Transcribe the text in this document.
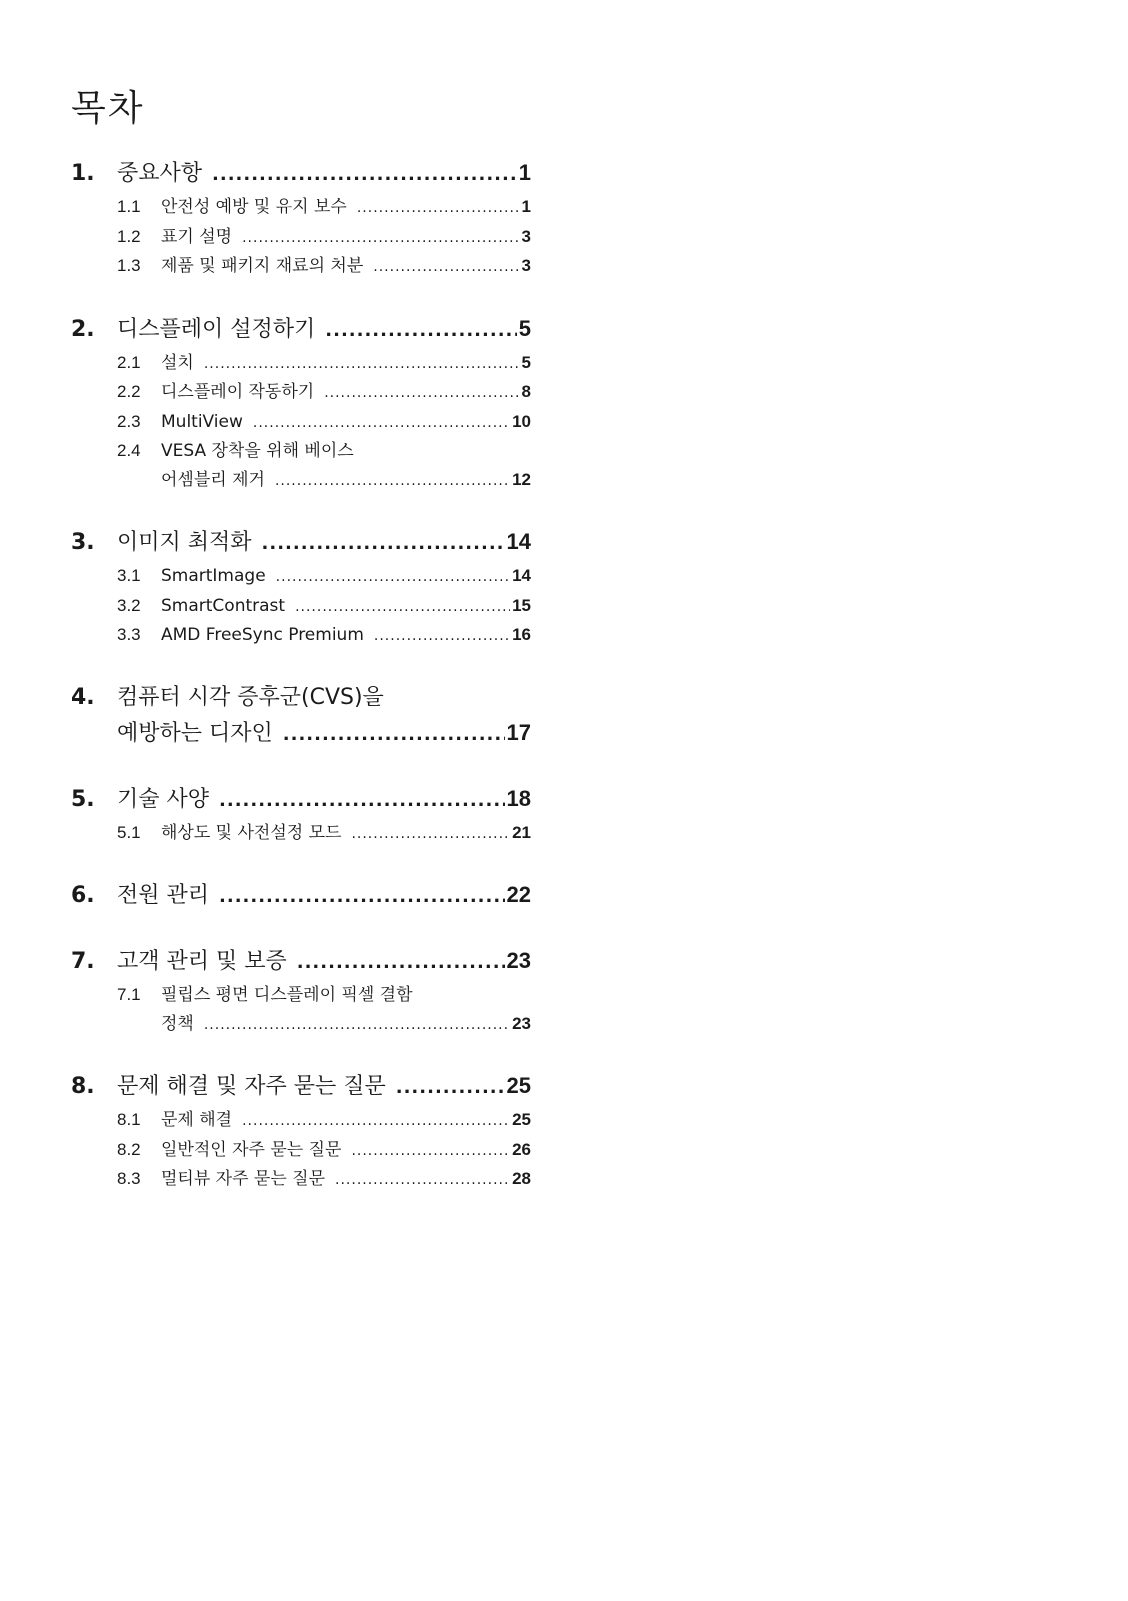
목차
1.	중요사항 .....	1
1.1	안전성 예방 및 유지 보수 .....	1
1.2	표기 설명 .....	3
1.3	제품 및 패키지 재료의 처분 .....	3
2.	디스플레이 설정하기 .....	5
2.1	설치 .....	5
2.2	디스플레이 작동하기 .....	8
2.3	MultiView .....	10
2.4	VESA 장착을 위해 베이스
어셈블리 제거 .....	12
3.	이미지 최적화 .....	14
3.1	SmartImage .....	14
3.2	SmartContrast .....	15
3.3	AMD FreeSync Premium .....	16
4.	컴퓨터 시각 증후군(CVS)을
예방하는 디자인 .....	17
5.	기술 사양 .....	18
5.1	해상도 및 사전설정 모드 .....	21
6.	전원 관리 .....	22
7.	고객 관리 및 보증 .....	23
7.1	필립스 평면 디스플레이 픽셀 결함
정책 .....	23
8.	문제 해결 및 자주 묻는 질문 .....	25
8.1	문제 해결 .....	25
8.2	일반적인 자주 묻는 질문 .....	26
8.3	멀티뷰 자주 묻는 질문 .....	28
